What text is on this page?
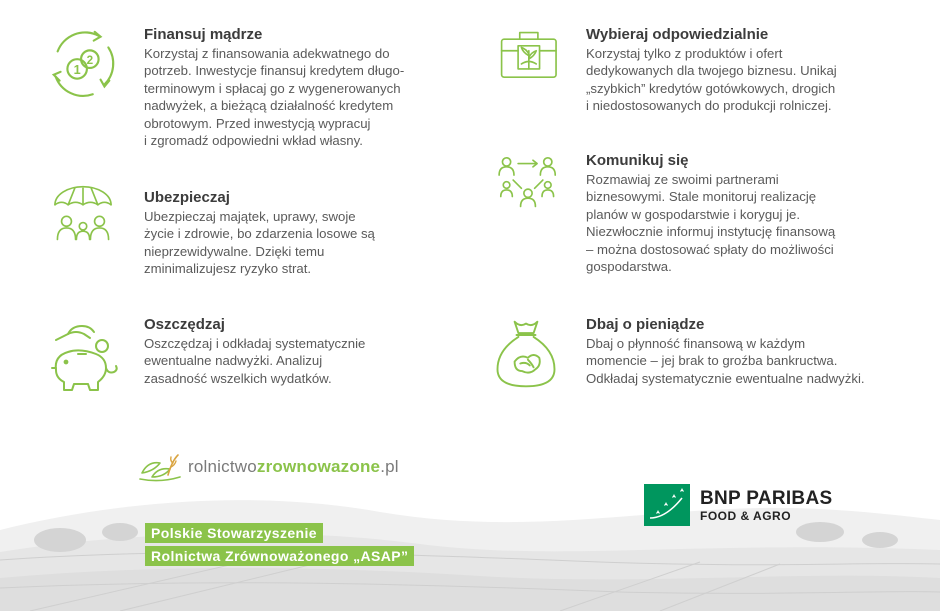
1
2
Finansuj mądrze

Korzystaj z finansowania adekwatnego do
potrzeb. Inwestycje finansuj kredytem długo-
terminowym i spłacaj go z wygenerowanych
nadwyżek, a bieżącą działalność kredytem
obrotowym. Przed inwestycją wypracuj
i zgromadź odpowiedni wkład własny.

Ubezpieczaj

Ubezpieczaj majątek, uprawy, swoje
życie i zdrowie, bo zdarzenia losowe są
nieprzewidywalne. Dzięki temu
zminimalizujesz ryzyko strat.

Oszczędzaj

Oszczędzaj i odkładaj systematycznie
ewentualne nadwyżki. Analizuj
zasadność wszelkich wydatków.

Wybieraj odpowiedzialnie

Korzystaj tylko z produktów i ofert
dedykowanych dla twojego biznesu. Unikaj
„szybkich” kredytów gotówkowych, drogich
i niedostosowanych do produkcji rolniczej.

Komunikuj się

Rozmawiaj ze swoimi partnerami
biznesowymi. Stale monitoruj realizację
planów w gospodarstwie i koryguj je.
Niezwłocznie informuj instytucję finansową
– można dostosować spłaty do możliwości
gospodarstwa.

Dbaj o pieniądze

Dbaj o płynność finansową w każdym
momencie – jej brak to groźba bankructwa.
Odkładaj systematycznie ewentualne nadwyżki.

rolnictwozrownowazone.pl
Polskie Stowarzyszenie
Rolnictwa Zrównoważonego „ASAP”
BNP PARIBAS
FOOD & AGRO
